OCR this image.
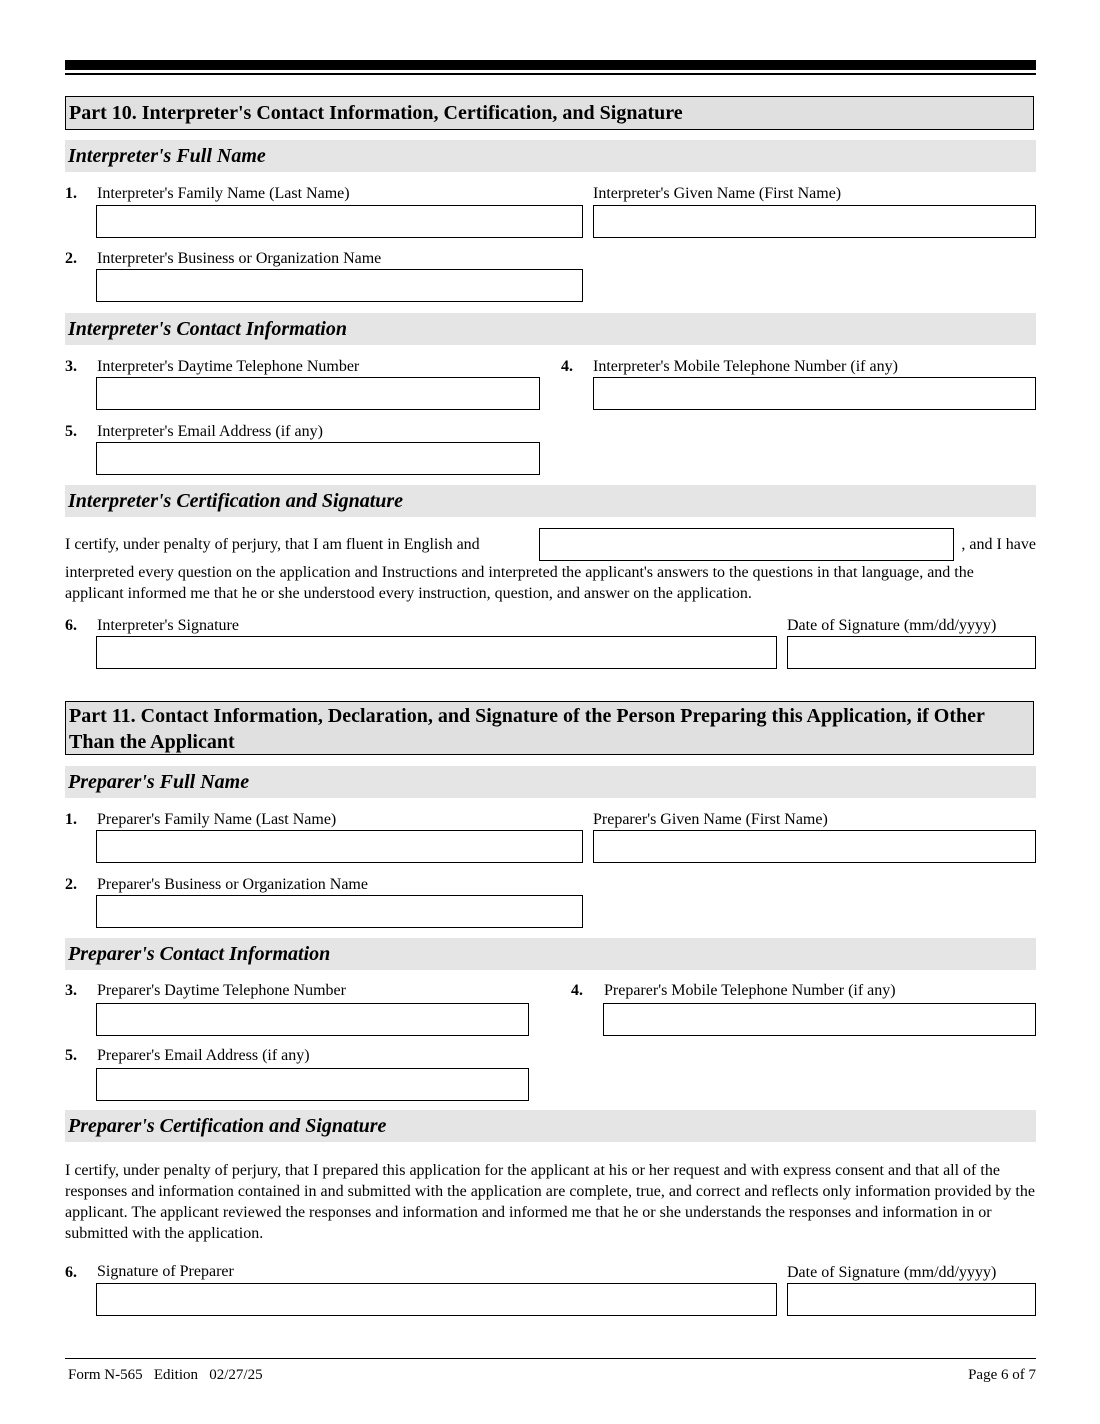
Part 10. Interpreter's Contact Information, Certification, and Signature
Interpreter's Full Name
1. Interpreter's Family Name (Last Name)	Interpreter's Given Name (First Name)
2. Interpreter's Business or Organization Name
Interpreter's Contact Information
3. Interpreter's Daytime Telephone Number	4. Interpreter's Mobile Telephone Number (if any)
5. Interpreter's Email Address (if any)
Interpreter's Certification and Signature
I certify, under penalty of perjury, that I am fluent in English and	, and I have
interpreted every question on the application and Instructions and interpreted the applicant's answers to the questions in that language, and the applicant informed me that he or she understood every instruction, question, and answer on the application.
6. Interpreter's Signature	Date of Signature (mm/dd/yyyy)
Part 11. Contact Information, Declaration, and Signature of the Person Preparing this Application, if Other Than the Applicant
Preparer's Full Name
1. Preparer's Family Name (Last Name)	Preparer's Given Name (First Name)
2. Preparer's Business or Organization Name
Preparer's Contact Information
3. Preparer's Daytime Telephone Number	4. Preparer's Mobile Telephone Number (if any)
5. Preparer's Email Address (if any)
Preparer's Certification and Signature
I certify, under penalty of perjury, that I prepared this application for the applicant at his or her request and with express consent and that all of the responses and information contained in and submitted with the application are complete, true, and correct and reflects only information provided by the applicant. The applicant reviewed the responses and information and informed me that he or she understands the responses and information in or submitted with the application.
6. Signature of Preparer	Date of Signature (mm/dd/yyyy)
Form N-565   Edition   02/27/25	Page 6 of 7
